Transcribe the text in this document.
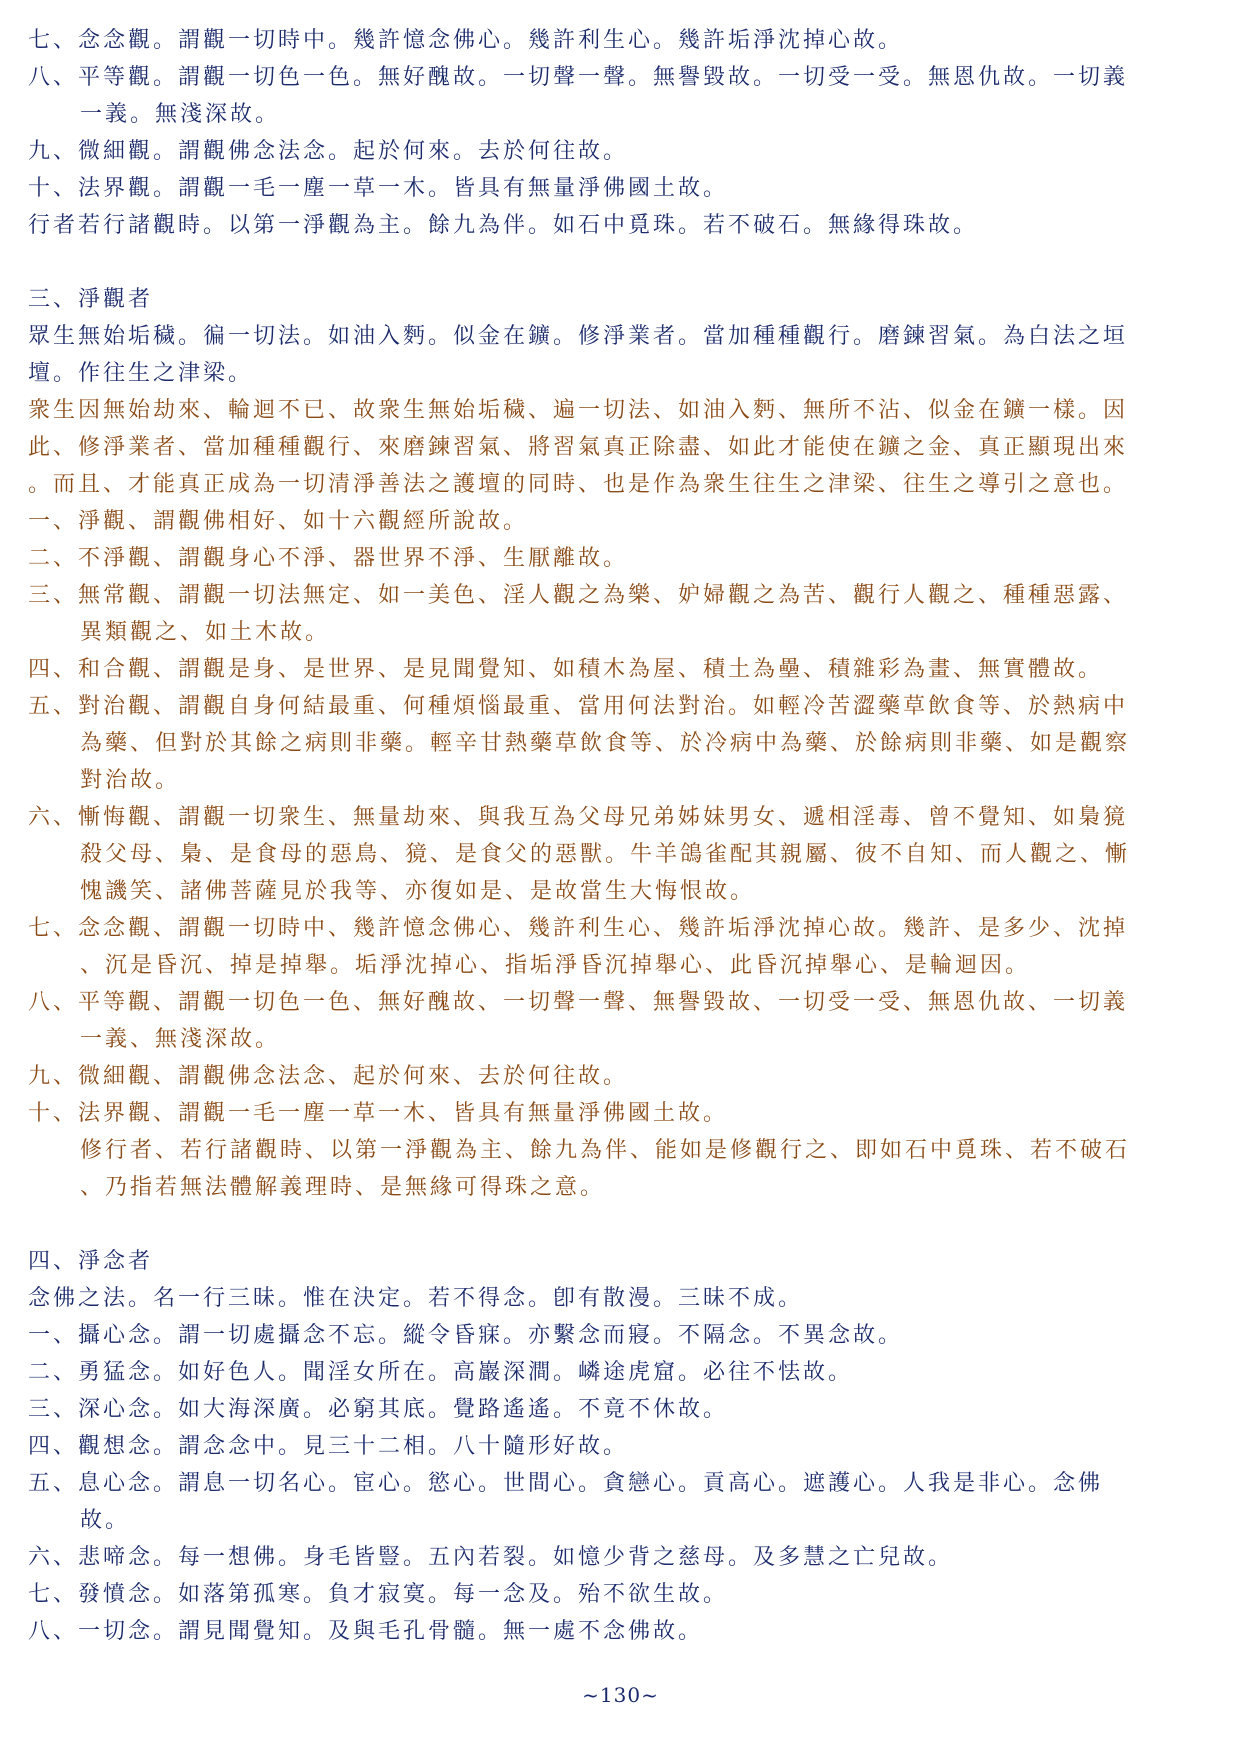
七、念念觀。謂觀一切時中。幾許憶念佛心。幾許利生心。幾許垢淨沈掉心故。
八、平等觀。謂觀一切色一色。無好醜故。一切聲一聲。無譽毀故。一切受一受。無恩仇故。一切義
一義。無淺深故。
九、微細觀。謂觀佛念法念。起於何來。去於何往故。
十、法界觀。謂觀一毛一塵一草一木。皆具有無量淨佛國土故。
行者若行諸觀時。以第一淨觀為主。餘九為伴。如石中覓珠。若不破石。無緣得珠故。
三、淨觀者
眾生無始垢穢。徧一切法。如油入麪。似金在鑛。修淨業者。當加種種觀行。磨鍊習氣。為白法之垣
壇。作往生之津梁。
衆生因無始劫來、輪迴不已、故衆生無始垢穢、遍一切法、如油入麪、無所不沾、似金在鑛一樣。因
此、修淨業者、當加種種觀行、來磨鍊習氣、將習氣真正除盡、如此才能使在鑛之金、真正顯現出來
。而且、才能真正成為一切清淨善法之護壇的同時、也是作為衆生往生之津梁、往生之導引之意也。
一、淨觀、謂觀佛相好、如十六觀經所說故。
二、不淨觀、謂觀身心不淨、器世界不淨、生厭離故。
三、無常觀、謂觀一切法無定、如一美色、淫人觀之為樂、妒婦觀之為苦、觀行人觀之、種種惡露、
異類觀之、如土木故。
四、和合觀、謂觀是身、是世界、是見聞覺知、如積木為屋、積土為壘、積雜彩為畫、無實體故。
五、對治觀、謂觀自身何結最重、何種煩惱最重、當用何法對治。如輕冷苦澀藥草飲食等、於熱病中
為藥、但對於其餘之病則非藥。輕辛甘熱藥草飲食等、於冷病中為藥、於餘病則非藥、如是觀察
對治故。
六、慚悔觀、謂觀一切衆生、無量劫來、與我互為父母兄弟姊妹男女、遞相淫毒、曾不覺知、如梟獍
殺父母、梟、是食母的惡鳥、獍、是食父的惡獸。牛羊鴿雀配其親屬、彼不自知、而人觀之、慚
愧譏笑、諸佛菩薩見於我等、亦復如是、是故當生大悔恨故。
七、念念觀、謂觀一切時中、幾許憶念佛心、幾許利生心、幾許垢淨沈掉心故。幾許、是多少、沈掉
、沉是昏沉、掉是掉舉。垢淨沈掉心、指垢淨昏沉掉舉心、此昏沉掉舉心、是輪迴因。
八、平等觀、謂觀一切色一色、無好醜故、一切聲一聲、無譽毀故、一切受一受、無恩仇故、一切義
一義、無淺深故。
九、微細觀、謂觀佛念法念、起於何來、去於何往故。
十、法界觀、謂觀一毛一塵一草一木、皆具有無量淨佛國土故。
修行者、若行諸觀時、以第一淨觀為主、餘九為伴、能如是修觀行之、即如石中覓珠、若不破石
、乃指若無法體解義理時、是無緣可得珠之意。
四、淨念者
念佛之法。名一行三昧。惟在決定。若不得念。卽有散漫。三昧不成。
一、攝心念。謂一切處攝念不忘。縱令昏寐。亦繫念而寢。不隔念。不異念故。
二、勇猛念。如好色人。聞淫女所在。高巖深澗。嶙途虎窟。必往不怯故。
三、深心念。如大海深廣。必窮其底。覺路遙遙。不竟不休故。
四、觀想念。謂念念中。見三十二相。八十隨形好故。
五、息心念。謂息一切名心。宦心。慾心。世間心。貪戀心。貢高心。遮護心。人我是非心。念佛
故。
六、悲啼念。每一想佛。身毛皆豎。五內若裂。如憶少背之慈母。及多慧之亡兒故。
七、發憤念。如落第孤寒。負才寂寞。每一念及。殆不欲生故。
八、一切念。謂見聞覺知。及與毛孔骨髓。無一處不念佛故。
~130~
